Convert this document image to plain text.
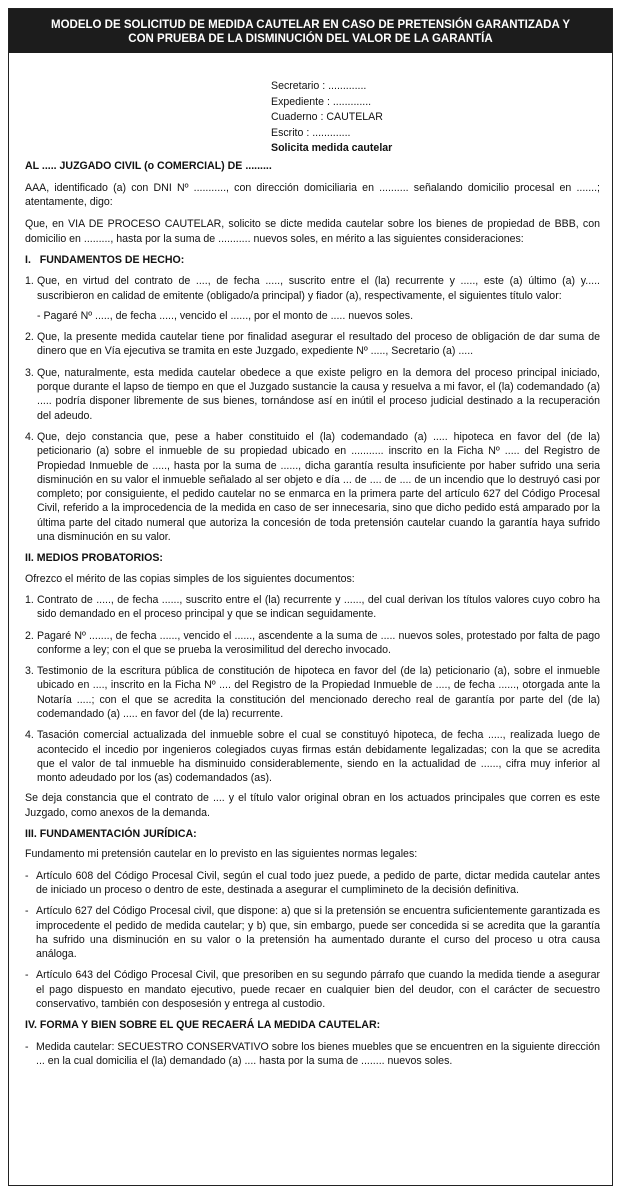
MODELO DE SOLICITUD DE MEDIDA CAUTELAR EN CASO DE PRETENSIÓN GARANTIZADA Y
CON PRUEBA DE LA DISMINUCIÓN DEL VALOR DE LA GARANTÍA
Secretario : .............
Expediente : .............
Cuaderno : CAUTELAR
Escrito : .............
Solicita medida cautelar
AL ..... JUZGADO CIVIL (o COMERCIAL) DE .........
AAA, identificado (a) con DNI Nº ..........., con dirección domiciliaria en .......... señalando domicilio procesal en .......; atentamente, digo:
Que, en VIA DE PROCESO CAUTELAR, solicito se dicte medida cautelar sobre los bienes de propiedad de BBB, con domicilio en ........., hasta por la suma de ........... nuevos soles, en mérito a las siguientes consideraciones:
I.   FUNDAMENTOS DE HECHO:
1. Que, en virtud del contrato de ...., de fecha ....., suscrito entre el (la) recurrente y ....., este (a) último (a) y..... suscribieron en calidad de emitente (obligado/a principal) y fiador (a), respectivamente, el siguientes título valor:
- Pagaré Nº ....., de fecha ....., vencido el ......, por el monto de ..... nuevos soles.
2. Que, la presente medida cautelar tiene por finalidad asegurar el resultado del proceso de obligación de dar suma de dinero que en Vía ejecutiva se tramita en este Juzgado, expediente Nº ....., Secretario (a) .....
3. Que, naturalmente, esta medida cautelar obedece a que existe peligro en la demora del proceso principal iniciado, porque durante el lapso de tiempo en que el Juzgado sustancie la causa y resuelva a mi favor, el (la) codemandado (a) ..... podría disponer libremente de sus bienes, tornándose así en inútil el proceso judicial destinado a la recuperación del adeudo.
4. Que, dejo constancia que, pese a haber constituido el (la) codemandado (a) ..... hipoteca en favor del (de la) peticionario (a) sobre el inmueble de su propiedad ubicado en ........... inscrito en la Ficha Nº ..... del Registro de Propiedad Inmueble de ....., hasta por la suma de ......, dicha garantía resulta insuficiente por haber sufrido una seria disminución en su valor el inmueble señalado al ser objeto e día ... de .... de .... de un incendio que lo destruyó casi por completo; por consiguiente, el pedido cautelar no se enmarca en la primera parte del artículo 627 del Código Procesal Civil, referido a la improcedencia de la medida en caso de ser innecesaria, sino que dicho pedido está amparado por la última parte del citado numeral que autoriza la concesión de toda pretensión cautelar cuando la garantía haya sufrido una disminución en su valor.
II. MEDIOS PROBATORIOS:
Ofrezco el mérito de las copias simples de los siguientes documentos:
1. Contrato de ....., de fecha ......, suscrito entre el (la) recurrente y ......, del cual derivan los títulos valores cuyo cobro ha sido demandado en el proceso principal y que se indican seguidamente.
2. Pagaré Nº ......., de fecha ......, vencido el ......, ascendente a la suma de ..... nuevos soles, protestado por falta de pago conforme a ley; con el que se prueba la verosimilitud del derecho invocado.
3. Testimonio de la escritura pública de constitución de hipoteca en favor del (de la) peticionario (a), sobre el inmueble ubicado en ...., inscrito en la Ficha Nº .... del Registro de la Propiedad Inmueble de ...., de fecha ......, otorgada ante la Notaría .....; con el que se acredita la constitución del mencionado derecho real de garantía por parte del (de la) codemandado (a) ..... en favor del (de la) recurrente.
4. Tasación comercial actualizada del inmueble sobre el cual se constituyó hipoteca, de fecha ....., realizada luego de acontecido el incedio por ingenieros colegiados cuyas firmas están debidamente legalizadas; con la que se acredita que el valor de tal inmueble ha disminuido considerablemente, siendo en la actualidad de ......, cifra muy inferior al monto adeudado por los (as) codemandados (as).
Se deja constancia que el contrato de .... y el título valor original obran en los actuados principales que corren es este Juzgado, como anexos de la demanda.
III. FUNDAMENTACIÓN JURÍDICA:
Fundamento mi pretensión cautelar en lo previsto en las siguientes normas legales:
- Artículo 608 del Código Procesal Civil, según el cual todo juez puede, a pedido de parte, dictar medida cautelar antes de iniciado un proceso o dentro de este, destinada a asegurar el cumplimineto de la decisión definitiva.
- Artículo 627 del Código Procesal civil, que dispone: a) que si la pretensión se encuentra suficientemente garantizada es improcedente el pedido de medida cautelar; y b) que, sin embargo, puede ser concedida si se acredita que la garantía ha sufrido una disminución en su valor o la pretensión ha aumentado durante el curso del proceso u otra causa análoga.
- Artículo 643 del Código Procesal Civil, que presoriben en su segundo párrafo que cuando la medida tiende a asegurar el pago dispuesto en mandato ejecutivo, puede recaer en cualquier bien del deudor, con el carácter de secuestro conservativo, también con desposesión y entrega al custodio.
IV. FORMA Y BIEN SOBRE EL QUE RECAERÁ LA MEDIDA CAUTELAR:
- Medida cautelar: SECUESTRO CONSERVATIVO sobre los bienes muebles que se encuentren en la siguiente dirección ... en la cual domicilia el (la) demandado (a) .... hasta por la suma de ........ nuevos soles.
